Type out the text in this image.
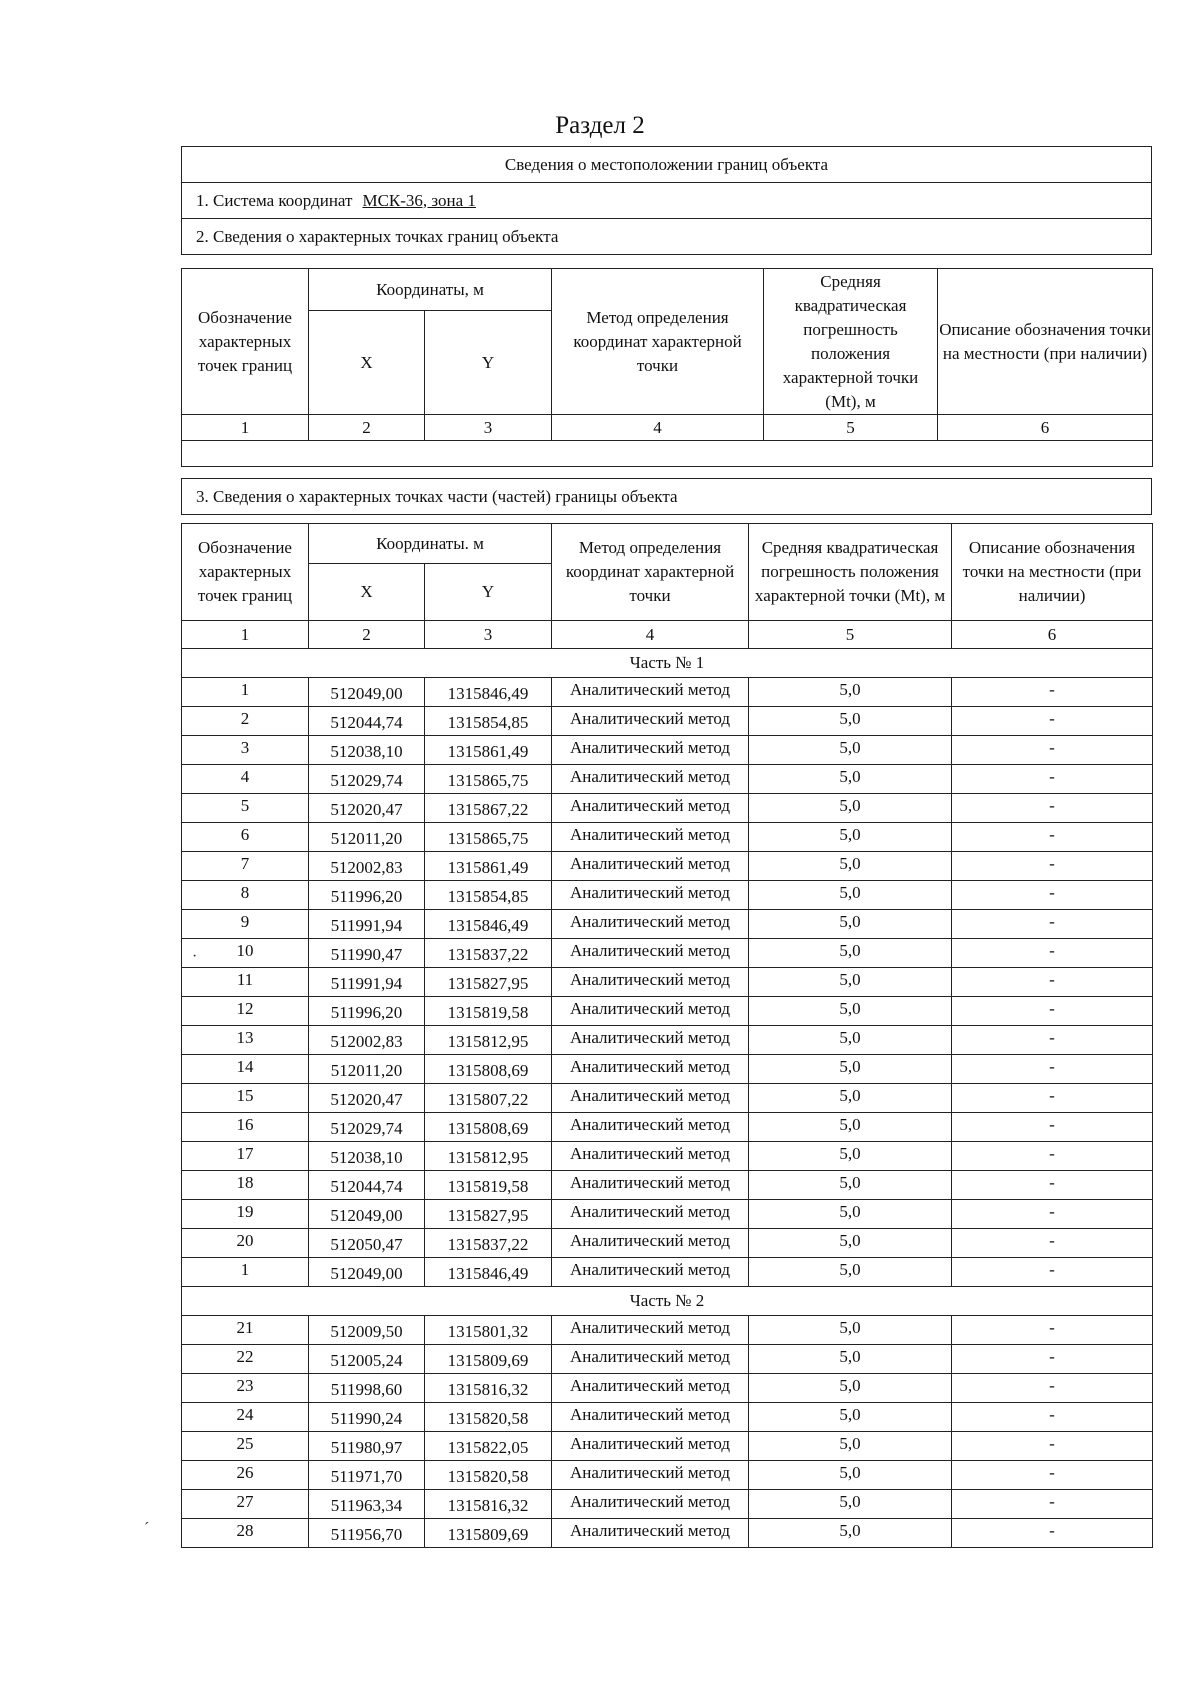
Раздел 2
Сведения о местоположении границ объекта
1. Система координат МСК-36, зона 1
2. Сведения о характерных точках границ объекта
Обозначение характерных точек границ	Координаты, м		Метод определения координат характерной точки	Средняя квадратическая погрешность положения характерной точки (Mt), м	Описание обозначения точки на местности (при наличии)
	X	Y			
1	2	3	4	5	6

3. Сведения о характерных точках части (частей) границы объекта
Обозначение характерных точек границ	Координаты. м		Метод определения координат характерной точки	Средняя квадратическая погрешность положения характерной точки (Mt), м	Описание обозначения точки на местности (при наличии)
	X	Y			
1	2	3	4	5	6
Часть № 1					
1	512049,00	1315846,49	Аналитический метод	5,0	-
2	512044,74	1315854,85	Аналитический метод	5,0	-
3	512038,10	1315861,49	Аналитический метод	5,0	-
4	512029,74	1315865,75	Аналитический метод	5,0	-
5	512020,47	1315867,22	Аналитический метод	5,0	-
6	512011,20	1315865,75	Аналитический метод	5,0	-
7	512002,83	1315861,49	Аналитический метод	5,0	-
8	511996,20	1315854,85	Аналитический метод	5,0	-
9	511991,94	1315846,49	Аналитический метод	5,0	-
10	511990,47	1315837,22	Аналитический метод	5,0	-
11	511991,94	1315827,95	Аналитический метод	5,0	-
12	511996,20	1315819,58	Аналитический метод	5,0	-
13	512002,83	1315812,95	Аналитический метод	5,0	-
14	512011,20	1315808,69	Аналитический метод	5,0	-
15	512020,47	1315807,22	Аналитический метод	5,0	-
16	512029,74	1315808,69	Аналитический метод	5,0	-
17	512038,10	1315812,95	Аналитический метод	5,0	-
18	512044,74	1315819,58	Аналитический метод	5,0	-
19	512049,00	1315827,95	Аналитический метод	5,0	-
20	512050,47	1315837,22	Аналитический метод	5,0	-
1	512049,00	1315846,49	Аналитический метод	5,0	-
Часть № 2					
21	512009,50	1315801,32	Аналитический метод	5,0	-
22	512005,24	1315809,69	Аналитический метод	5,0	-
23	511998,60	1315816,32	Аналитический метод	5,0	-
24	511990,24	1315820,58	Аналитический метод	5,0	-
25	511980,97	1315822,05	Аналитический метод	5,0	-
26	511971,70	1315820,58	Аналитический метод	5,0	-
27	511963,34	1315816,32	Аналитический метод	5,0	-
28	511956,70	1315809,69	Аналитический метод	5,0	-
·
ˊ
